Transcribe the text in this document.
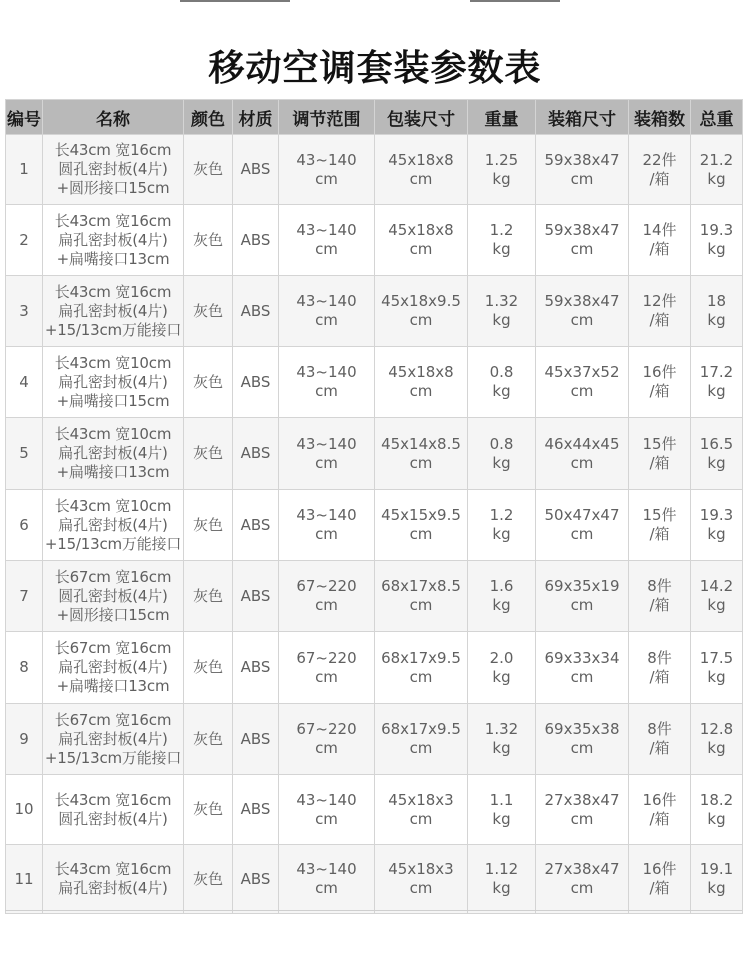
移动空调套装参数表
编号	名称	颜色	材质	调节范围	包装尺寸	重量	装箱尺寸	装箱数	总重
1	长43cm 宽16cm
圆孔密封板(4片)
+圆形接口15cm	灰色	ABS	43~140
cm	45x18x8
cm	1.25
kg	59x38x47
cm	22件
/箱	21.2
kg
2	长43cm 宽16cm
扁孔密封板(4片)
+扁嘴接口13cm	灰色	ABS	43~140
cm	45x18x8
cm	1.2
kg	59x38x47
cm	14件
/箱	19.3
kg
3	长43cm 宽16cm
扁孔密封板(4片)
+15/13cm万能接口	灰色	ABS	43~140
cm	45x18x9.5
cm	1.32
kg	59x38x47
cm	12件
/箱	18
kg
4	长43cm 宽10cm
扁孔密封板(4片)
+扁嘴接口15cm	灰色	ABS	43~140
cm	45x18x8
cm	0.8
kg	45x37x52
cm	16件
/箱	17.2
kg
5	长43cm 宽10cm
扁孔密封板(4片)
+扁嘴接口13cm	灰色	ABS	43~140
cm	45x14x8.5
cm	0.8
kg	46x44x45
cm	15件
/箱	16.5
kg
6	长43cm 宽10cm
扁孔密封板(4片)
+15/13cm万能接口	灰色	ABS	43~140
cm	45x15x9.5
cm	1.2
kg	50x47x47
cm	15件
/箱	19.3
kg
7	长67cm 宽16cm
圆孔密封板(4片)
+圆形接口15cm	灰色	ABS	67~220
cm	68x17x8.5
cm	1.6
kg	69x35x19
cm	8件
/箱	14.2
kg
8	长67cm 宽16cm
扁孔密封板(4片)
+扁嘴接口13cm	灰色	ABS	67~220
cm	68x17x9.5
cm	2.0
kg	69x33x34
cm	8件
/箱	17.5
kg
9	长67cm 宽16cm
扁孔密封板(4片)
+15/13cm万能接口	灰色	ABS	67~220
cm	68x17x9.5
cm	1.32
kg	69x35x38
cm	8件
/箱	12.8
kg
10	长43cm 宽16cm
圆孔密封板(4片)	灰色	ABS	43~140
cm	45x18x3
cm	1.1
kg	27x38x47
cm	16件
/箱	18.2
kg
11	长43cm 宽16cm
扁孔密封板(4片)	灰色	ABS	43~140
cm	45x18x3
cm	1.12
kg	27x38x47
cm	16件
/箱	19.1
kg
